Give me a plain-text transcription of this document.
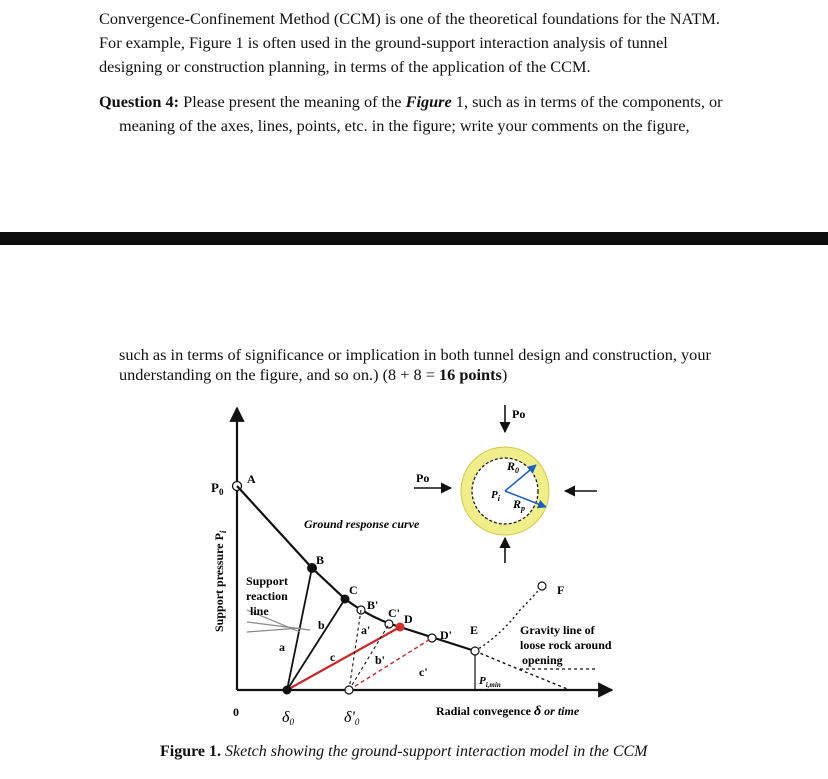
Convergence-Confinement Method (CCM) is one of the theoretical foundations for the NATM.
For example, Figure 1 is often used in the ground-support interaction analysis of tunnel
designing or construction planning, in terms of the application of the CCM.

Question 4: Please present the meaning of the Figure 1, such as in terms of the components, or meaning of the axes, lines, points, etc. in the figure; write your comments on the figure,

such as in terms of significance or implication in both tunnel design and construction, your
understanding on the figure, and so on.) (8 + 8 = 16 points)

Support pressure $P_i$
0	δ0	δ'0
$P_0$
A
B
C
B'
C' D
D' E
F
Support
reaction
line
a
b
c
a'
b'
c'
Ground response curve
Po
$R_0$
$R_p$
$P_i$
Po
Gravity line of
loose rock around
opening
$P_{i,min}$
Radial convegence δ or time

Figure 1. Sketch showing the ground-support interaction model in the CCM
